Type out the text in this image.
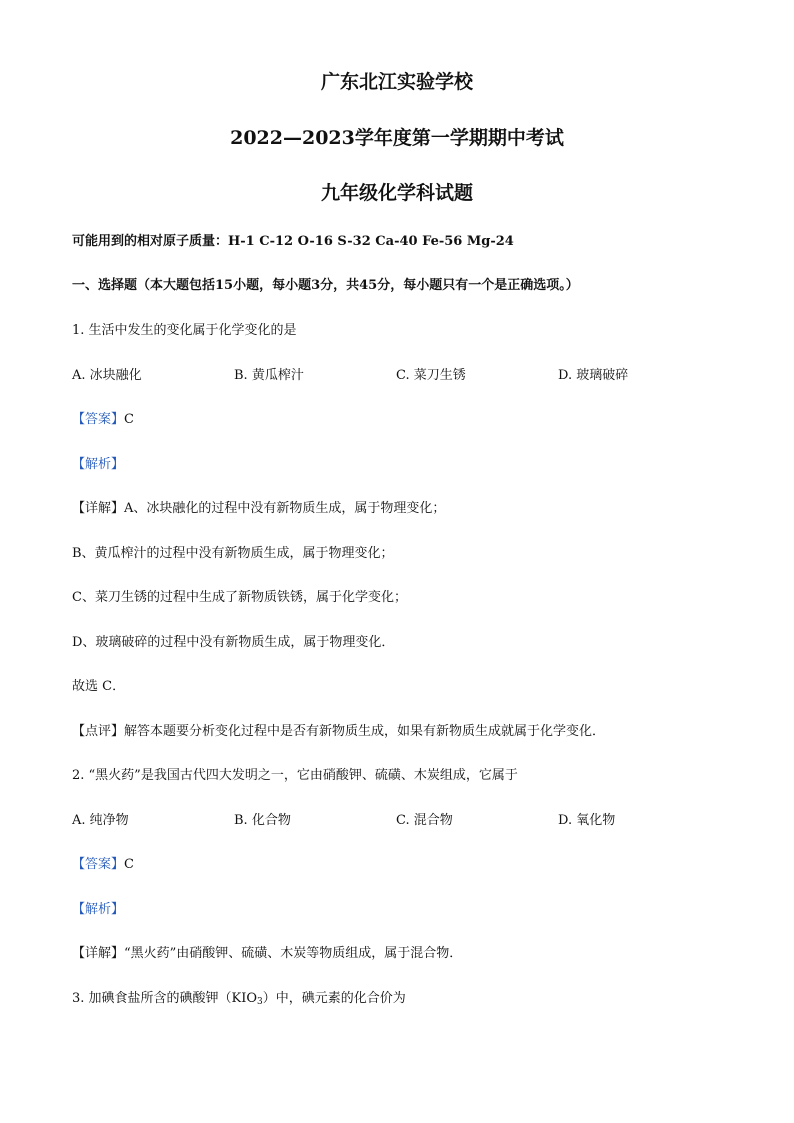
广东北江实验学校
2022—2023学年度第一学期期中考试
九年级化学科试题
可能用到的相对原子质量：H-1 C-12 O-16 S-32 Ca-40 Fe-56 Mg-24
一、选择题（本大题包括15小题，每小题3分，共45分，每小题只有一个是正确选项。）
1. 生活中发生的变化属于化学变化的是
A. 冰块融化	B. 黄瓜榨汁	C. 菜刀生锈	D. 玻璃破碎
【答案】C
【解析】
【详解】A、冰块融化的过程中没有新物质生成，属于物理变化；
B、黄瓜榨汁的过程中没有新物质生成，属于物理变化；
C、菜刀生锈的过程中生成了新物质铁锈，属于化学变化；
D、玻璃破碎的过程中没有新物质生成，属于物理变化．
故选 C．
【点评】解答本题要分析变化过程中是否有新物质生成，如果有新物质生成就属于化学变化．
2. “黑火药”是我国古代四大发明之一，它由硝酸钾、硫磺、木炭组成，它属于
A. 纯净物	B. 化合物	C. 混合物	D. 氧化物
【答案】C
【解析】
【详解】“黑火药”由硝酸钾、硫磺、木炭等物质组成，属于混合物．
3. 加碘食盐所含的碘酸钾$(KIO_3)$中，碘元素的化合价为
